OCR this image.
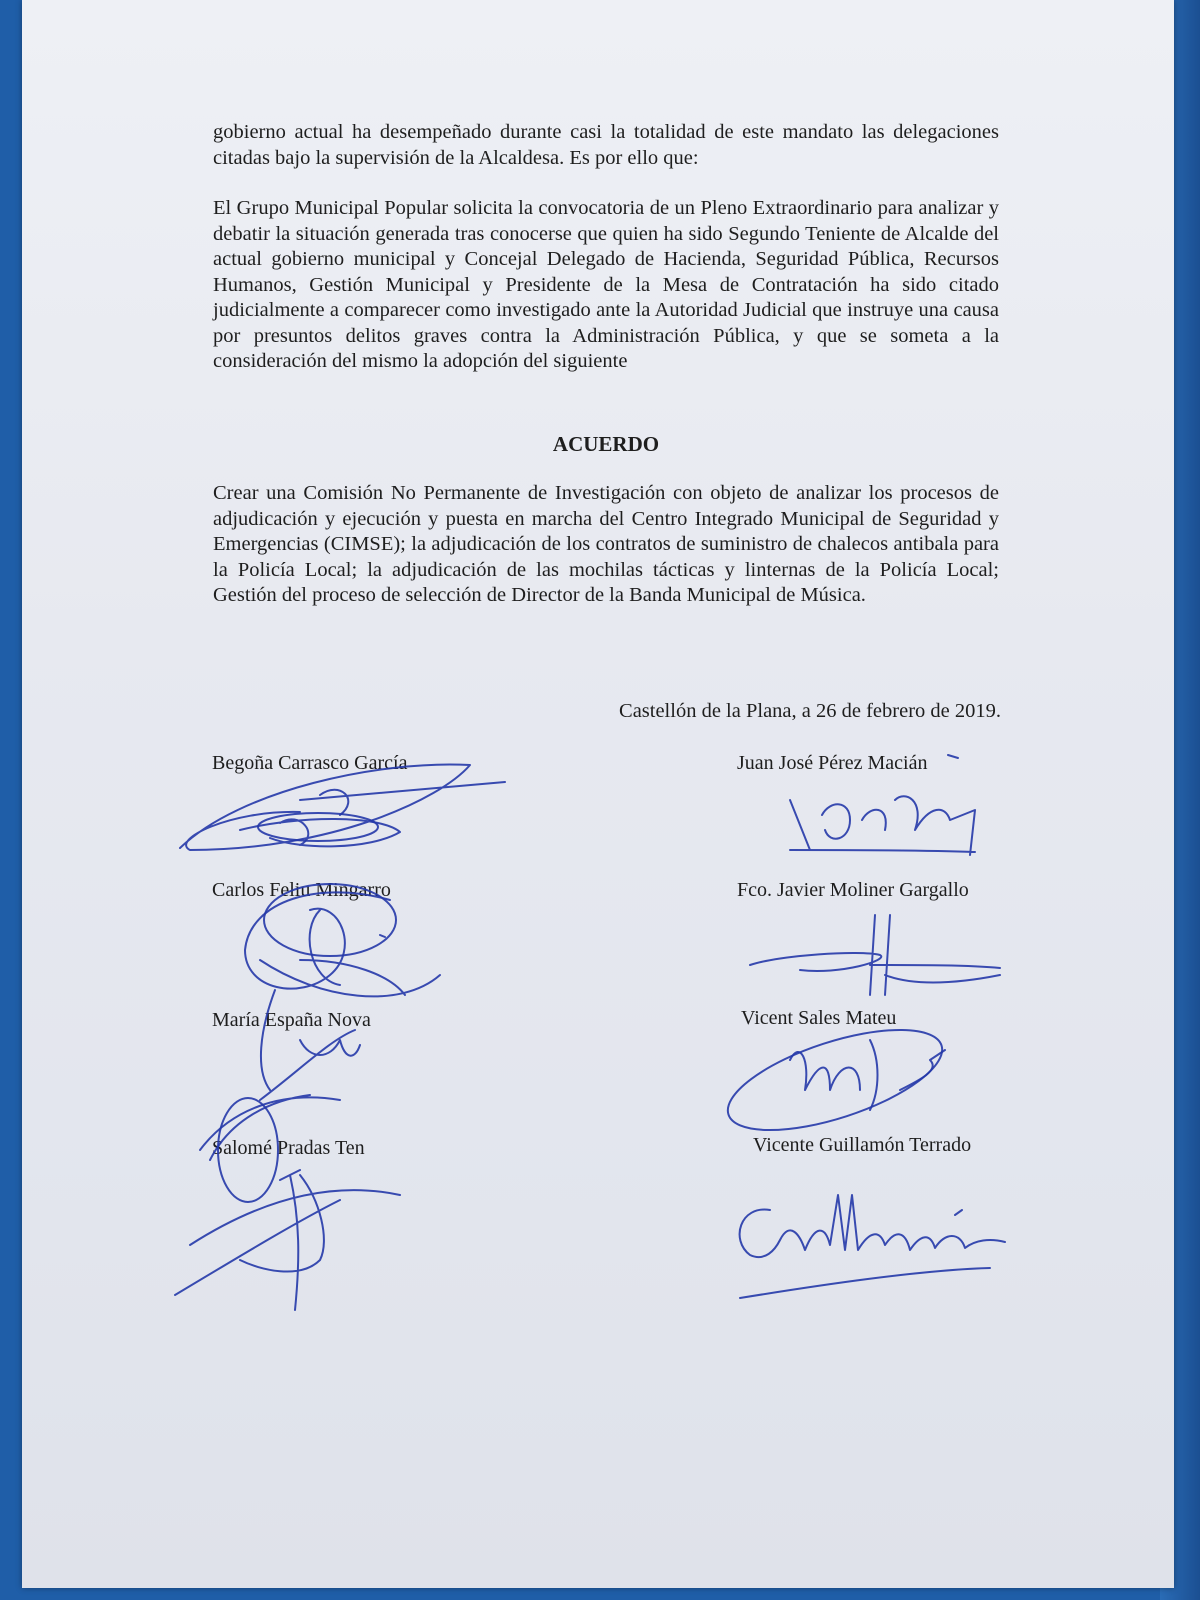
gobierno actual ha desempeñado durante casi la totalidad de este mandato las delegaciones citadas bajo la supervisión de la Alcaldesa. Es por ello que:
El Grupo Municipal Popular solicita la convocatoria de un Pleno Extraordinario para analizar y debatir la situación generada tras conocerse que quien ha sido Segundo Teniente de Alcalde del actual gobierno municipal y Concejal Delegado de Hacienda, Seguridad Pública, Recursos Humanos, Gestión Municipal y Presidente de la Mesa de Contratación ha sido citado judicialmente a comparecer como investigado ante la Autoridad Judicial que instruye una causa por presuntos delitos graves contra la Administración Pública, y que se someta a la consideración del mismo la adopción del siguiente
ACUERDO
Crear una Comisión No Permanente de Investigación con objeto de analizar los procesos de adjudicación y ejecución y puesta en marcha del Centro Integrado Municipal de Seguridad y Emergencias (CIMSE); la adjudicación de los contratos de suministro de chalecos antibala para la Policía Local; la adjudicación de las mochilas tácticas y linternas de la Policía Local; Gestión del proceso de selección de Director de la Banda Municipal de Música.
Castellón de la Plana, a 26 de febrero de 2019.
Begoña Carrasco García
Carlos Feliu Mingarro
María España Nova
Salomé Pradas Ten
Juan José Pérez Macián
Fco. Javier Moliner Gargallo
Vicent Sales Mateu
Vicente Guillamón Terrado
